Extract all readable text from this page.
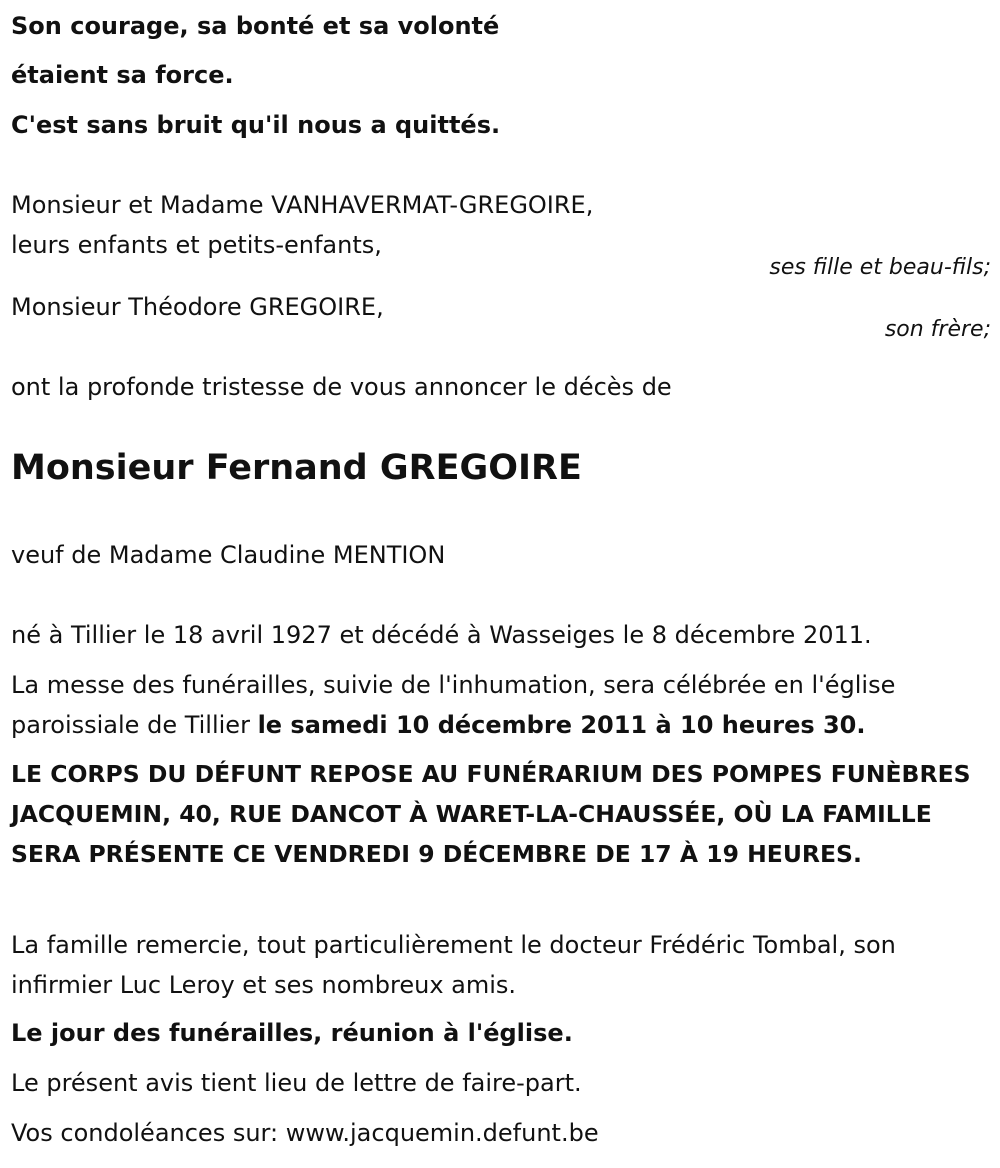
Son courage, sa bonté et sa volonté
étaient sa force.
C'est sans bruit qu'il nous a quittés.
Monsieur et Madame VANHAVERMAT-GREGOIRE,
leurs enfants et petits-enfants,
ses fille et beau-fils;
Monsieur Théodore GREGOIRE,
son frère;
ont la profonde tristesse de vous annoncer le décès de
Monsieur Fernand GREGOIRE
veuf de Madame Claudine MENTION
né à Tillier le 18 avril 1927 et décédé à Wasseiges le 8 décembre 2011.
La messe des funérailles, suivie de l'inhumation, sera célébrée en l'église paroissiale de Tillier le samedi 10 décembre 2011 à 10 heures 30.
LE CORPS DU DÉFUNT REPOSE AU FUNÉRARIUM DES POMPES FUNÈBRES JACQUEMIN, 40, RUE DANCOT À WARET-LA-CHAUSSÉE, OÙ LA FAMILLE SERA PRÉSENTE CE VENDREDI 9 DÉCEMBRE DE 17 À 19 HEURES.
La famille remercie, tout particulièrement le docteur Frédéric Tombal, son infirmier Luc Leroy et ses nombreux amis.
Le jour des funérailles, réunion à l'église.
Le présent avis tient lieu de lettre de faire-part.
Vos condoléances sur: www.jacquemin.defunt.be
